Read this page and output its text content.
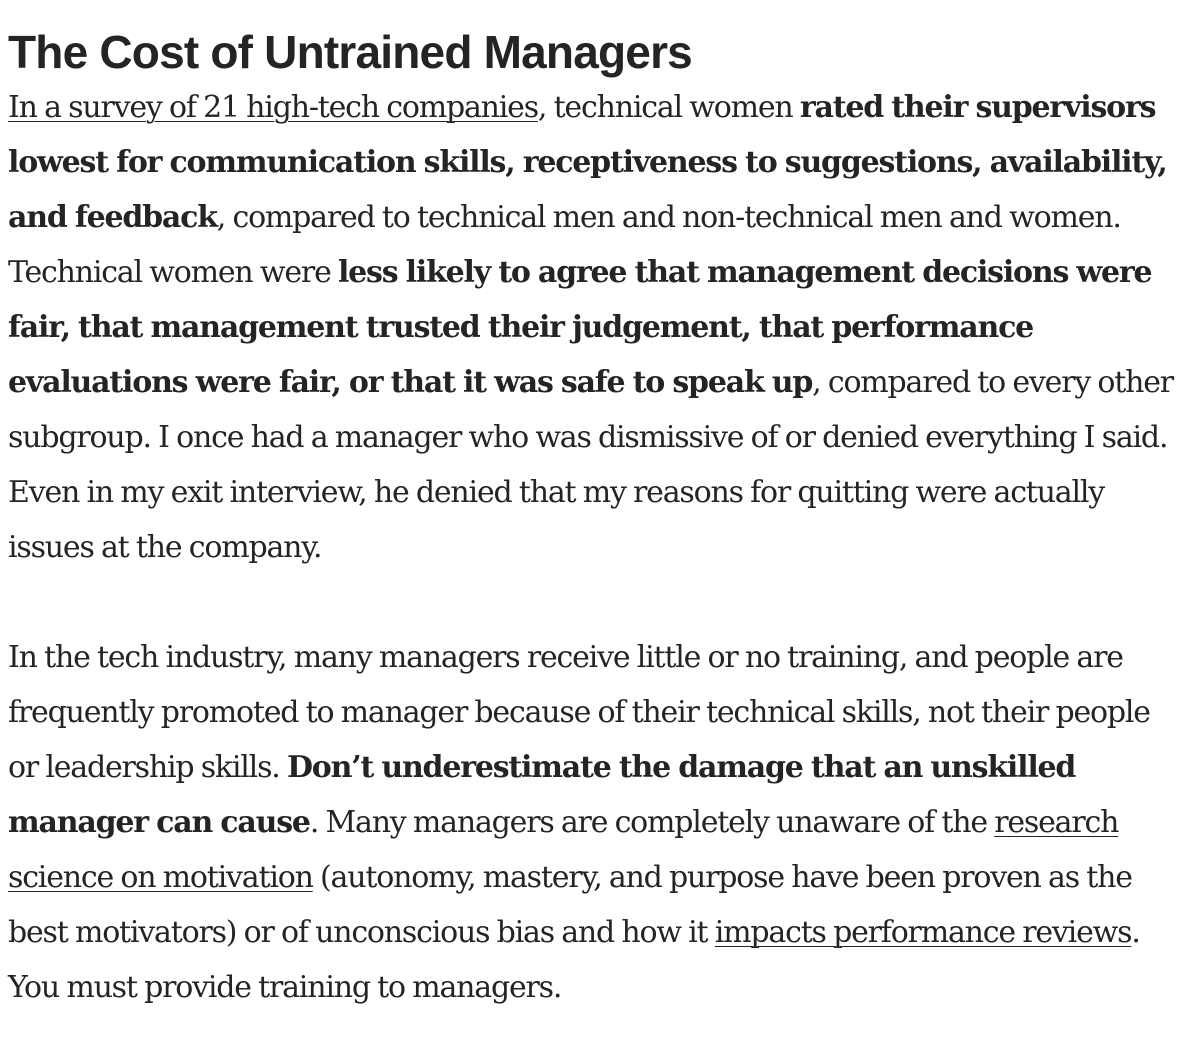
The Cost of Untrained Managers

In a survey of 21 high-tech companies, technical women rated their supervisors lowest for communication skills, receptiveness to suggestions, availability, and feedback, compared to technical men and non-technical men and women. Technical women were less likely to agree that management decisions were fair, that management trusted their judgement, that performance evaluations were fair, or that it was safe to speak up, compared to every other subgroup. I once had a manager who was dismissive of or denied everything I said. Even in my exit interview, he denied that my reasons for quitting were actually issues at the company.

In the tech industry, many managers receive little or no training, and people are frequently promoted to manager because of their technical skills, not their people or leadership skills. Don’t underestimate the damage that an unskilled manager can cause. Many managers are completely unaware of the research science on motivation (autonomy, mastery, and purpose have been proven as the best motivators) or of unconscious bias and how it impacts performance reviews. You must provide training to managers.
